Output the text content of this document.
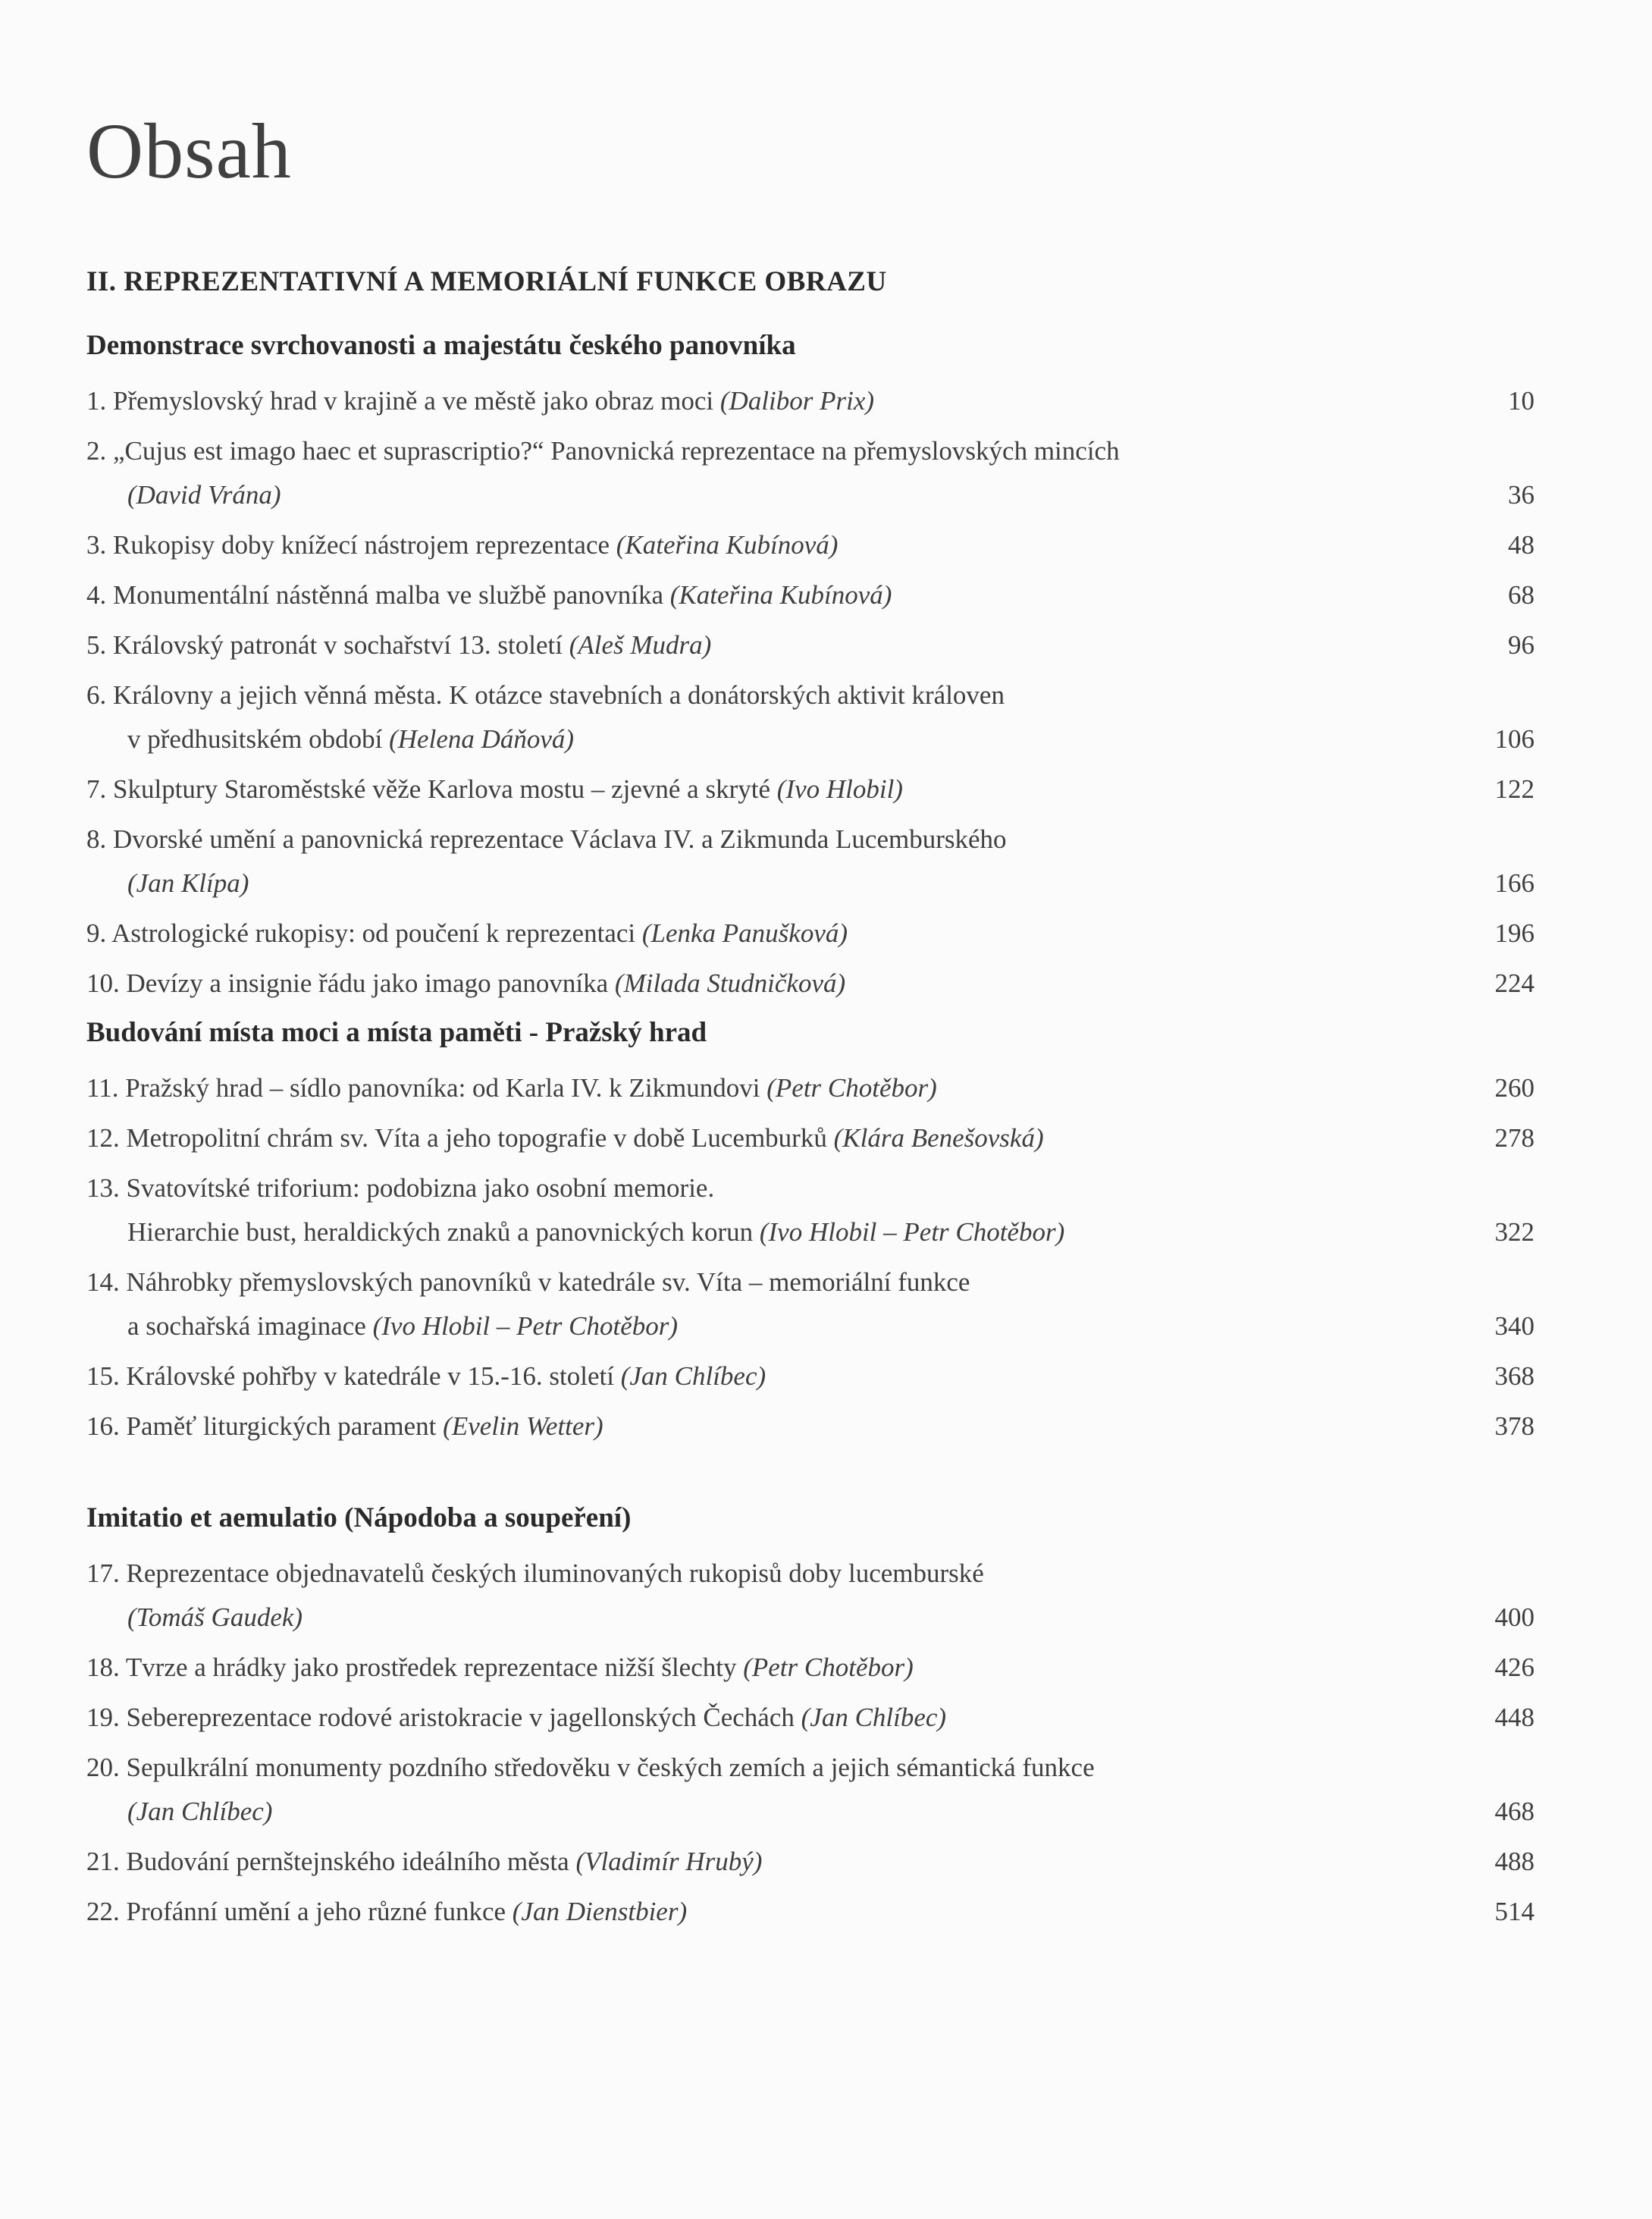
Obsah
II. REPREZENTATIVNÍ A MEMORIÁLNÍ FUNKCE OBRAZU
Demonstrace svrchovanosti a majestátu českého panovníka
1. Přemyslovský hrad v krajině a ve městě jako obraz moci (Dalibor Prix)	10
2. „Cujus est imago haec et suprascriptio?“ Panovnická reprezentace na přemyslovských mincích
(David Vrána)	36
3. Rukopisy doby knížecí nástrojem reprezentace (Kateřina Kubínová)	48
4. Monumentální nástěnná malba ve službě panovníka (Kateřina Kubínová)	68
5. Královský patronát v sochařství 13. století (Aleš Mudra)	96
6. Královny a jejich věnná města. K otázce stavebních a donátorských aktivit královen
v předhusitském období (Helena Dáňová)	106
7. Skulptury Staroměstské věže Karlova mostu – zjevné a skryté (Ivo Hlobil)	122
8. Dvorské umění a panovnická reprezentace Václava IV. a Zikmunda Lucemburského
(Jan Klípa)	166
9. Astrologické rukopisy: od poučení k reprezentaci (Lenka Panušková)	196
10. Devízy a insignie řádu jako imago panovníka (Milada Studničková)	224
Budování místa moci a místa paměti - Pražský hrad
11. Pražský hrad – sídlo panovníka: od Karla IV. k Zikmundovi (Petr Chotěbor)	260
12. Metropolitní chrám sv. Víta a jeho topografie v době Lucemburků (Klára Benešovská)	278
13. Svatovítské triforium: podobizna jako osobní memorie.
Hierarchie bust, heraldických znaků a panovnických korun (Ivo Hlobil – Petr Chotěbor)	322
14. Náhrobky přemyslovských panovníků v katedrále sv. Víta – memoriální funkce
a sochařská imaginace (Ivo Hlobil – Petr Chotěbor)	340
15. Královské pohřby v katedrále v 15.-16. století (Jan Chlíbec)	368
16. Paměť liturgických parament (Evelin Wetter)	378
Imitatio et aemulatio (Nápodoba a soupeření)
17. Reprezentace objednavatelů českých iluminovaných rukopisů doby lucemburské
(Tomáš Gaudek)	400
18. Tvrze a hrádky jako prostředek reprezentace nižší šlechty (Petr Chotěbor)	426
19. Sebereprezentace rodové aristokracie v jagellonských Čechách (Jan Chlíbec)	448
20. Sepulkrální monumenty pozdního středověku v českých zemích a jejich sémantická funkce
(Jan Chlíbec)	468
21. Budování pernštejnského ideálního města (Vladimír Hrubý)	488
22. Profánní umění a jeho různé funkce (Jan Dienstbier)	514
